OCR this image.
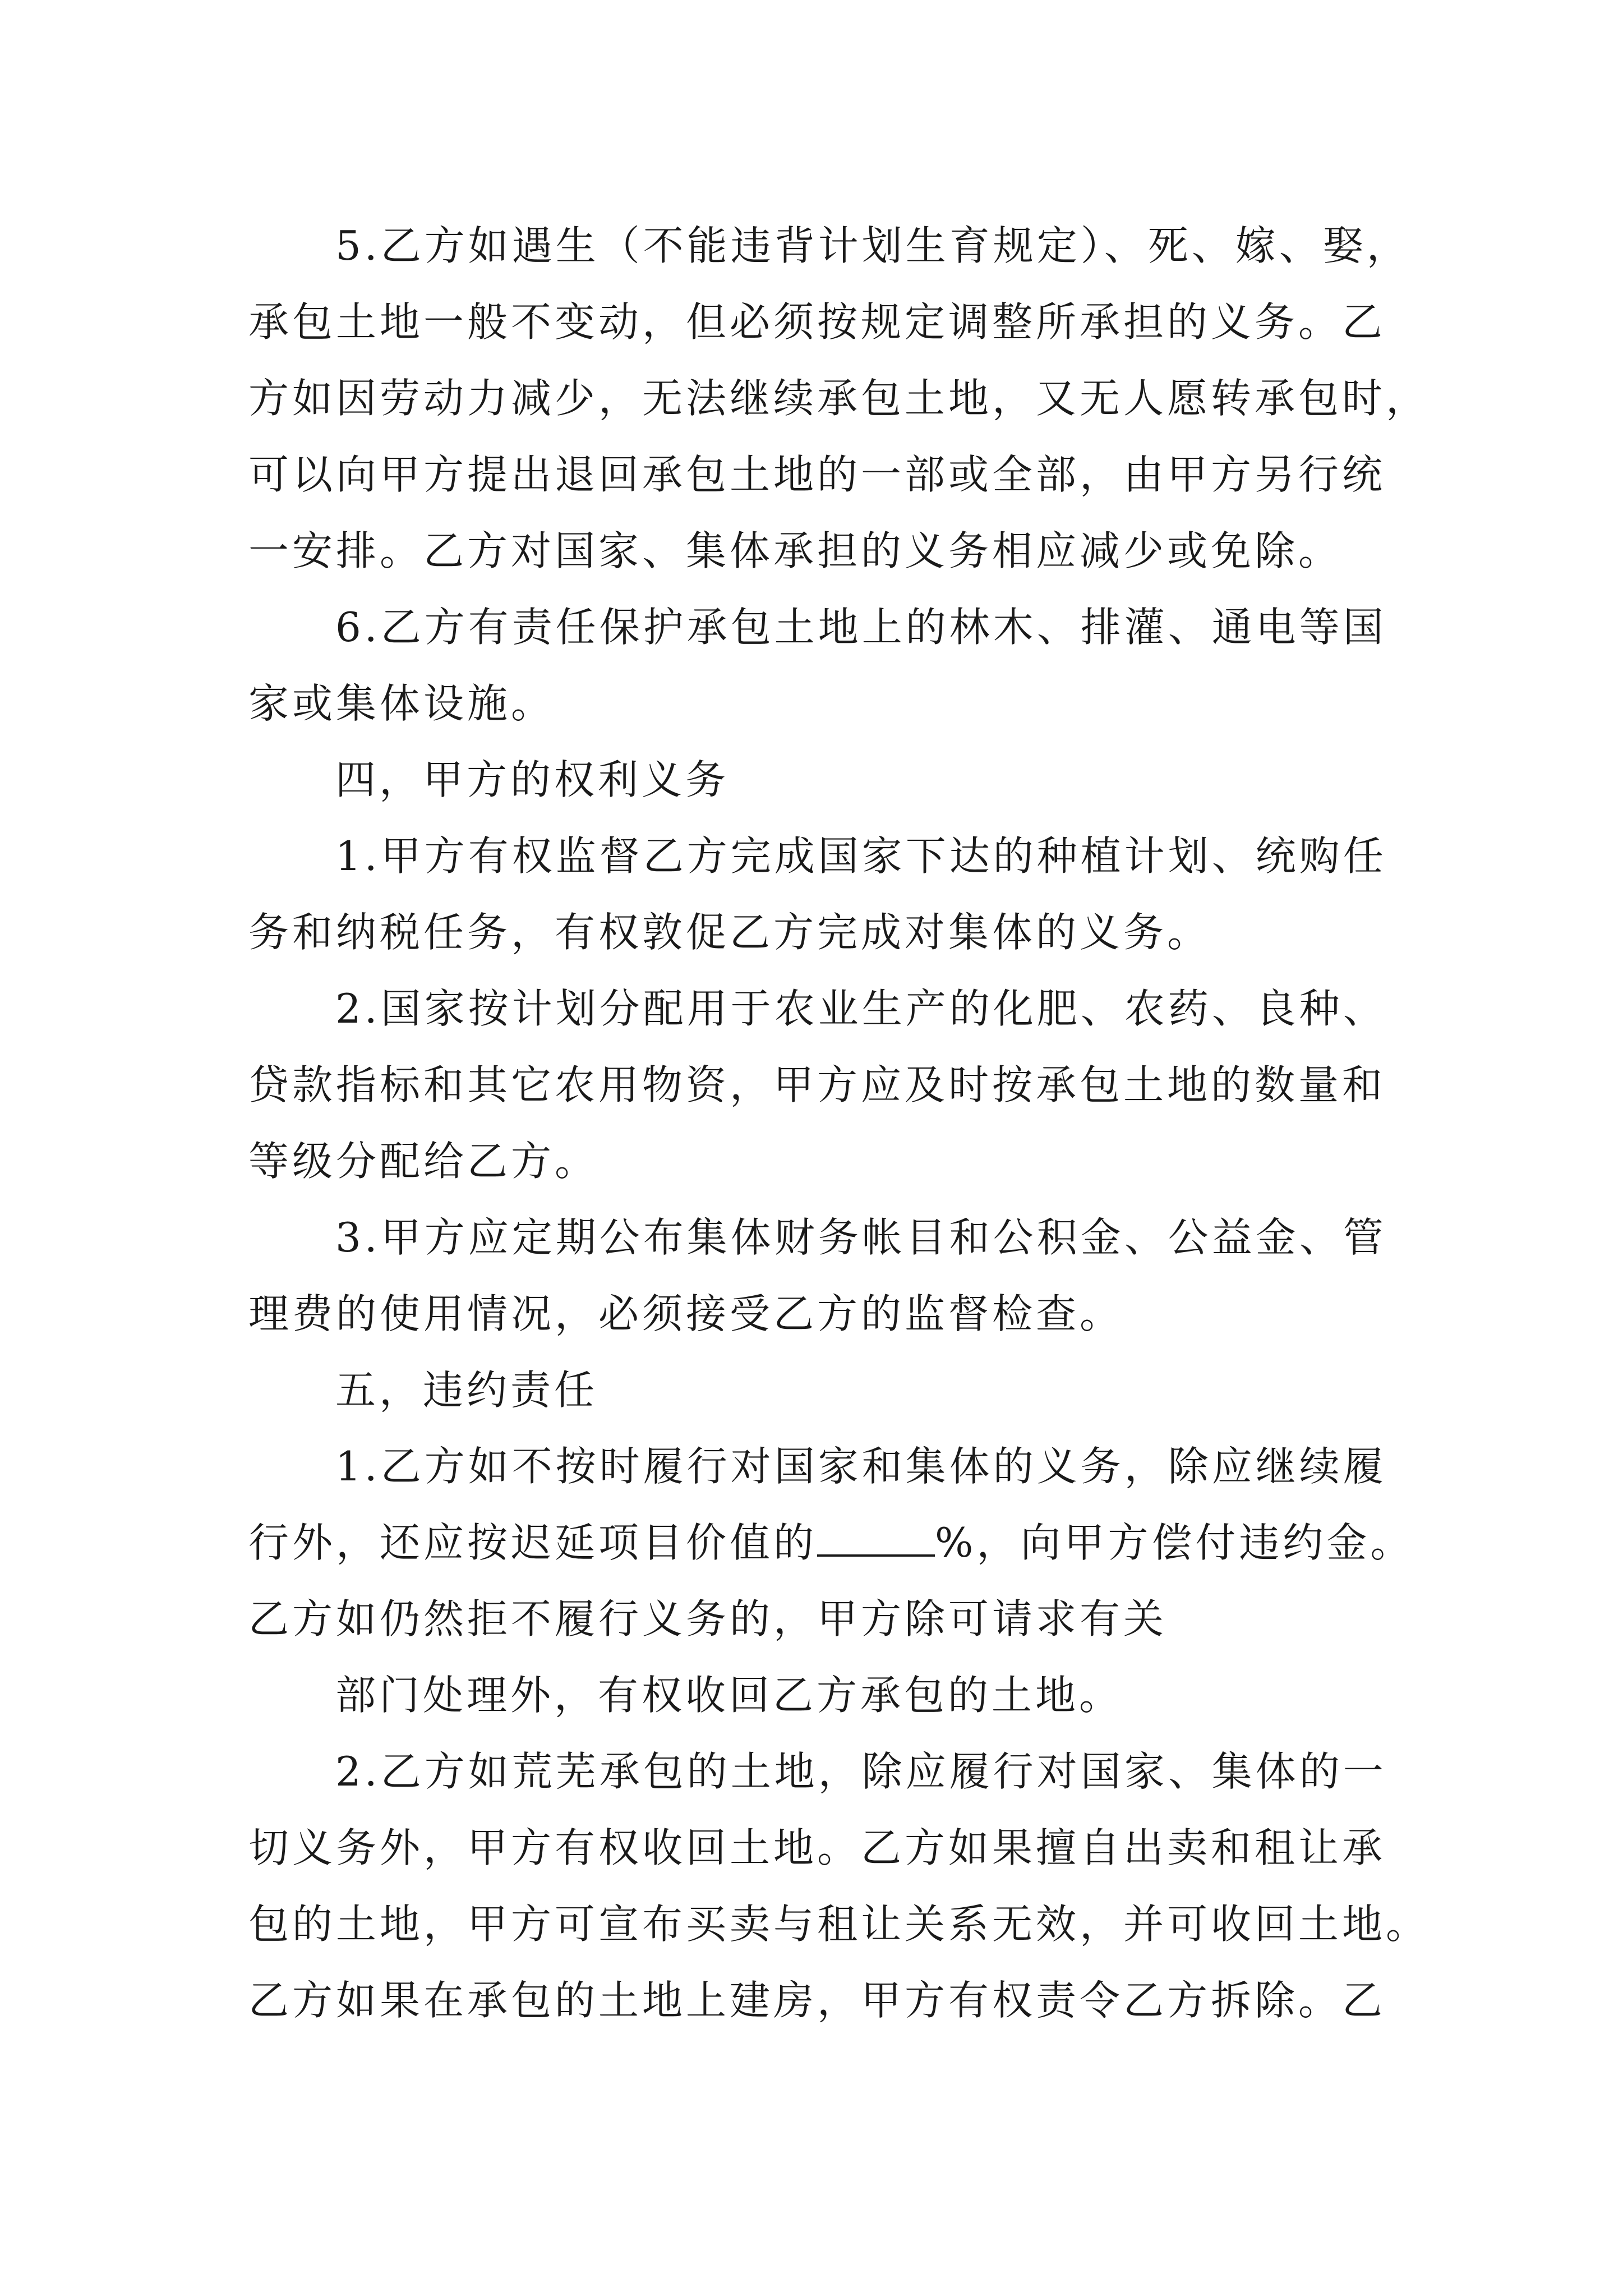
5.乙方如遇生（不能违背计划生育规定）、死、嫁、娶，
承包土地一般不变动，但必须按规定调整所承担的义务。乙
方如因劳动力减少，无法继续承包土地，又无人愿转承包时，
可以向甲方提出退回承包土地的一部或全部，由甲方另行统
一安排。乙方对国家、集体承担的义务相应减少或免除。
6.乙方有责任保护承包土地上的林木、排灌、通电等国
家或集体设施。
四，甲方的权利义务
1.甲方有权监督乙方完成国家下达的种植计划、统购任
务和纳税任务，有权敦促乙方完成对集体的义务。
2.国家按计划分配用于农业生产的化肥、农药、良种、
贷款指标和其它农用物资，甲方应及时按承包土地的数量和
等级分配给乙方。
3.甲方应定期公布集体财务帐目和公积金、公益金、管
理费的使用情况，必须接受乙方的监督检查。
五，违约责任
1.乙方如不按时履行对国家和集体的义务，除应继续履
行外，还应按迟延项目价值的	%，向甲方偿付违约金。
乙方如仍然拒不履行义务的，甲方除可请求有关
部门处理外，有权收回乙方承包的土地。
2.乙方如荒芜承包的土地，除应履行对国家、集体的一
切义务外，甲方有权收回土地。乙方如果擅自出卖和租让承
包的土地，甲方可宣布买卖与租让关系无效，并可收回土地。
乙方如果在承包的土地上建房，甲方有权责令乙方拆除。乙
